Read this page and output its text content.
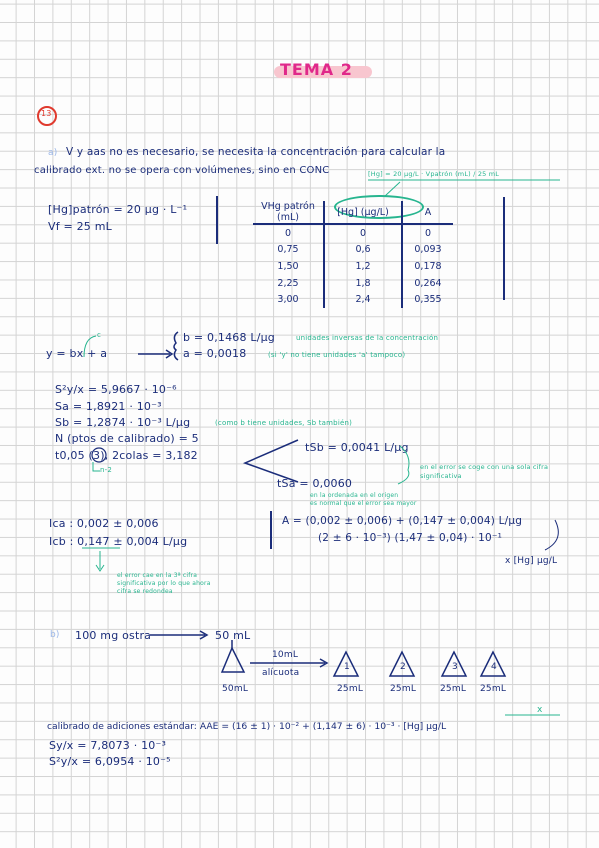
TEMA 2
13
a) V y aas no es necesario, se necesita la concentración para calcular la
calibrado ext. no se opera con volúmenes, sino en CONC	[Hg] = 20 μg/L · Vpatrón (mL) / 25 mL
[Hg]patrón = 20 μg · L⁻¹
Vf = 25 mL
VHg patrón (mL)	[Hg] (μg/L)	A
0	0	0
0,75	0,6	0,093
1,50	1,2	0,178
2,25	1,8	0,264
3,00	2,4	0,355
y = bx + a
c	b = 0,1468 L/μg	unidades inversas de la concentración
a = 0,0018	(si 'y' no tiene unidades 'a' tampoco)
S²y/x = 5,9667 · 10⁻⁶
Sa = 1,8921 · 10⁻³
Sb = 1,2874 · 10⁻³ L/μg	(como b tiene unidades, Sb también)
N (ptos de calibrado) = 5
t0,05 (3), 2colas = 3,182
n-2
tSb = 0,0041 L/μg
tSa = 0,0060
en el error se coge con una sola cifra significativa
en la ordenada en el origen
es normal que el error sea mayor
Ica : 0,002 ± 0,006
Icb : 0,147 ± 0,004 L/μg
el error cae en la 3ª cifra
significativa por lo que ahora
cifra se redondea
A = (0,002 ± 0,006) + (0,147 ± 0,004) L/μg
(2 ± 6 · 10⁻³) (1,47 ± 0,04) · 10⁻¹
x [Hg] μg/L
b) 100 mg ostra	50 mL
50mL
10mL
alícuota
1
25mL
2
25mL
3
25mL
4
25mL
calibrado de adiciones estándar: AAE = (16 ± 1) · 10⁻² + (1,147 ± 6) · 10⁻³ · [Hg] μg/L
x
Sy/x = 7,8073 · 10⁻³
S²y/x = 6,0954 · 10⁻⁵
